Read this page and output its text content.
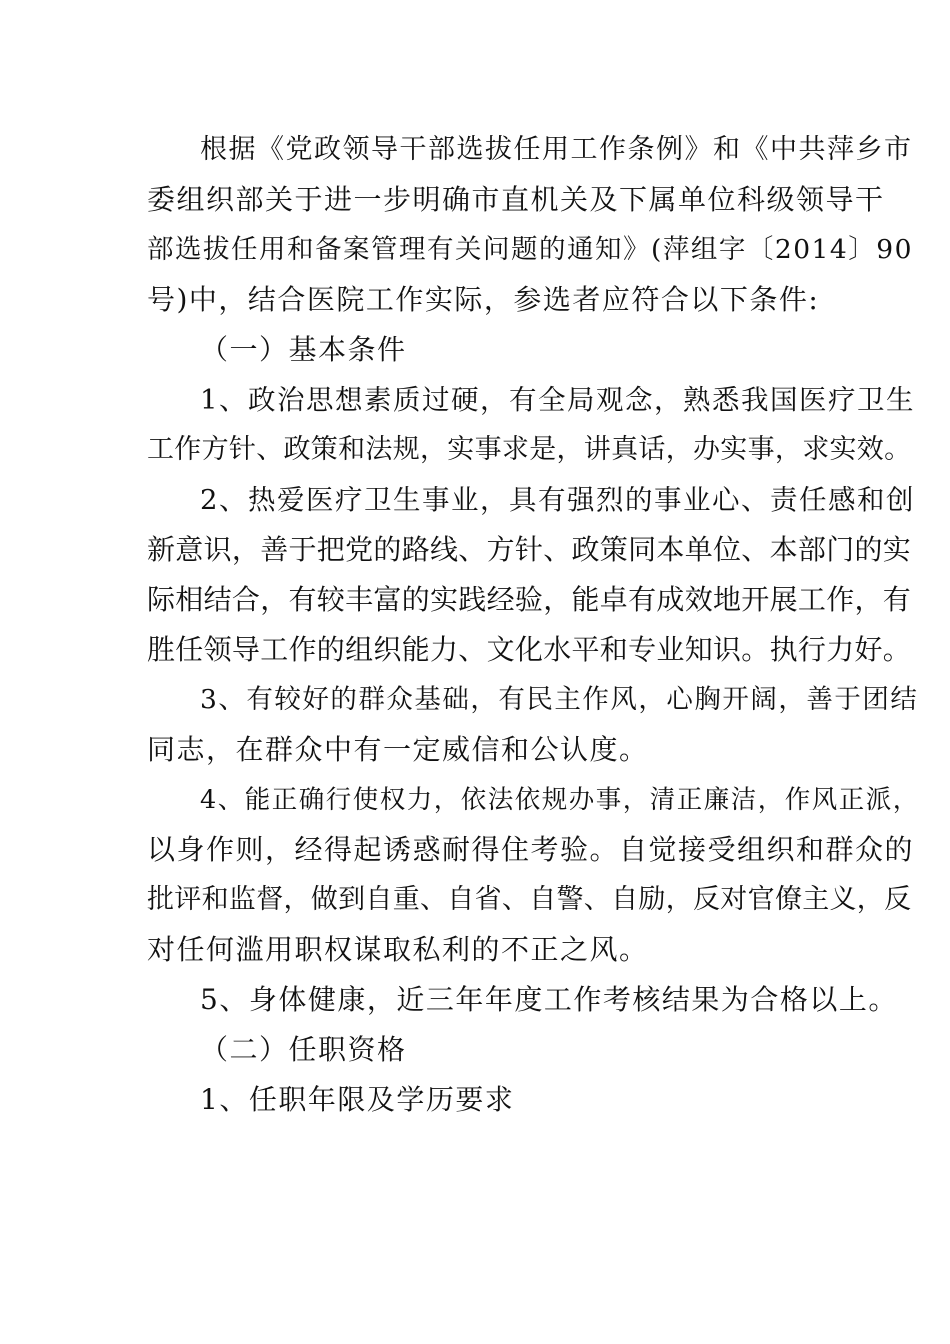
根据《党政领导干部选拔任用工作条例》和《中共萍乡市
委组织部关于进一步明确市直机关及下属单位科级领导干
部选拔任用和备案管理有关问题的通知》(萍组字〔2014〕90
号)中，结合医院工作实际，参选者应符合以下条件:
（一）基本条件
1、政治思想素质过硬，有全局观念，熟悉我国医疗卫生
工作方针、政策和法规，实事求是，讲真话，办实事，求实效。
2、热爱医疗卫生事业，具有强烈的事业心、责任感和创
新意识，善于把党的路线、方针、政策同本单位、本部门的实
际相结合，有较丰富的实践经验，能卓有成效地开展工作，有
胜任领导工作的组织能力、文化水平和专业知识。执行力好。
3、有较好的群众基础，有民主作风，心胸开阔，善于团结
同志，在群众中有一定威信和公认度。
4、能正确行使权力，依法依规办事，清正廉洁，作风正派，
以身作则，经得起诱惑耐得住考验。自觉接受组织和群众的
批评和监督，做到自重、自省、自警、自励，反对官僚主义，反
对任何滥用职权谋取私利的不正之风。
5、身体健康，近三年年度工作考核结果为合格以上。
（二）任职资格
1、任职年限及学历要求
